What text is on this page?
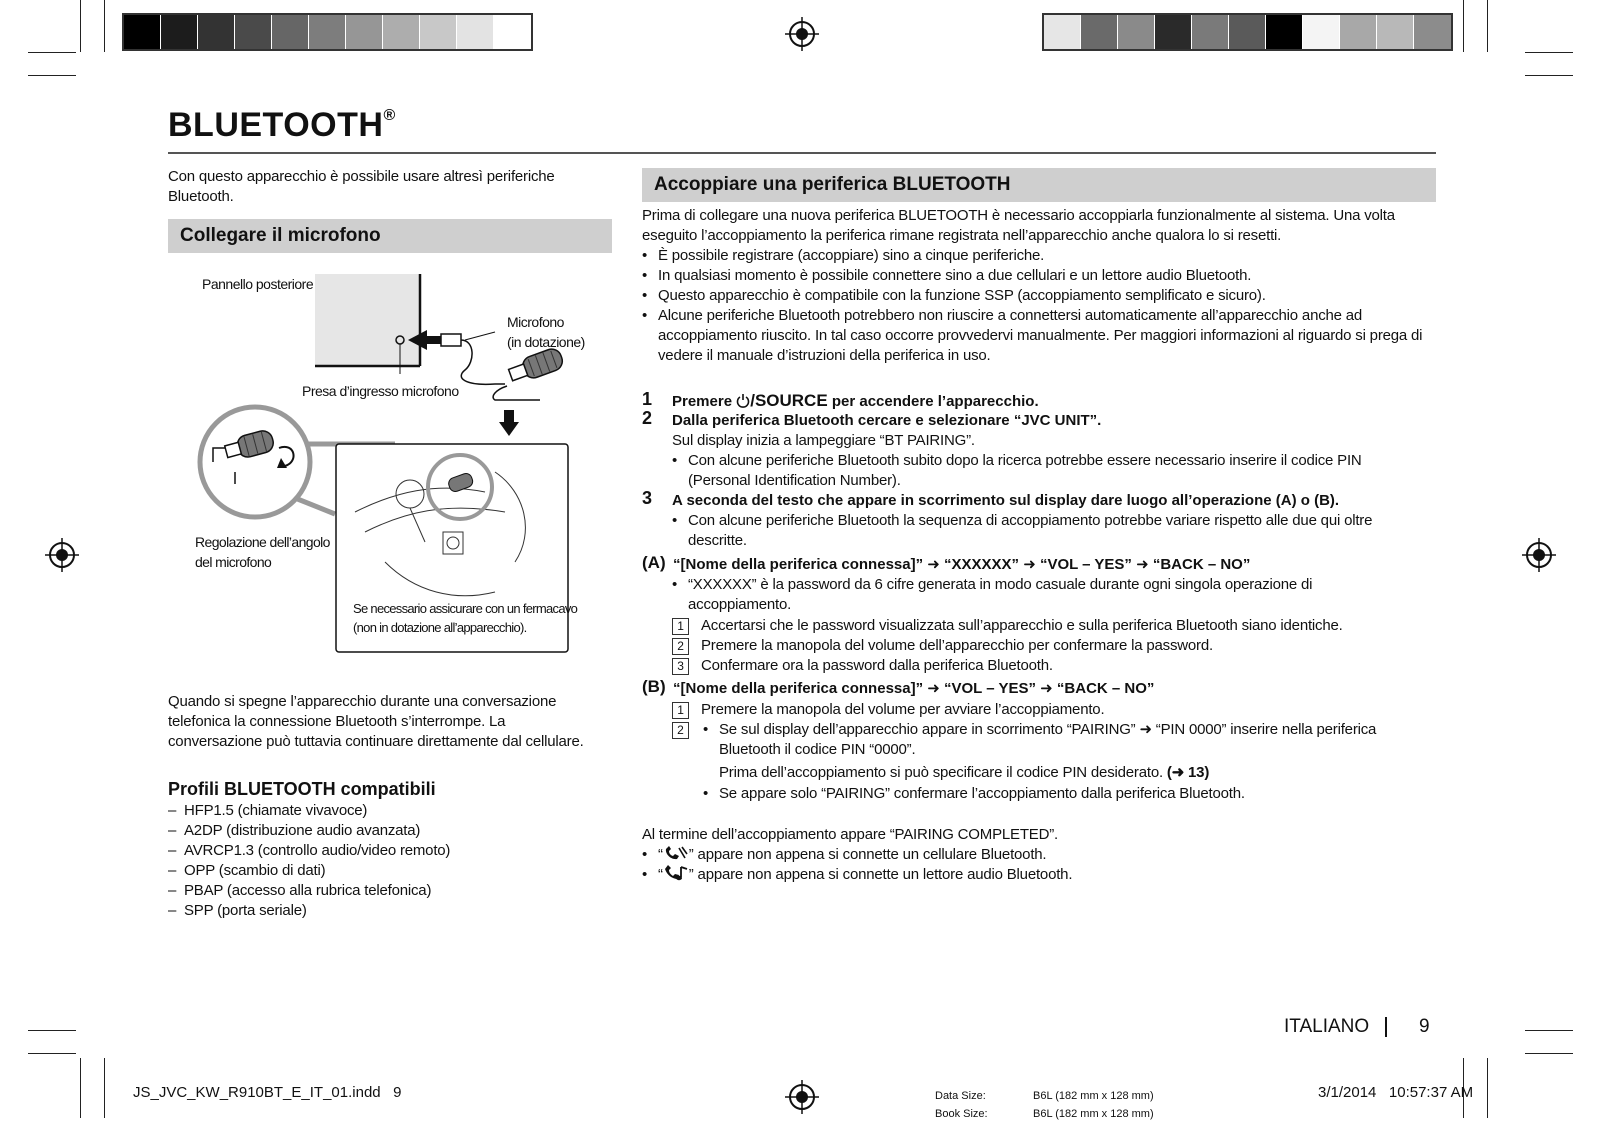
BLUETOOTH®
Con questo apparecchio è possibile usare altresì periferiche Bluetooth.
Collegare il microfono
Pannello posteriore
Microfono
(in dotazione)
Presa d’ingresso microfono
Regolazione dell’angolo
del microfono
Se necessario assicurare con un fermacavo
(non in dotazione all’apparecchio).
Quando si spegne l’apparecchio durante una conversazione telefonica la connessione Bluetooth s’interrompe. La conversazione può tuttavia continuare direttamente dal cellulare.
Profili BLUETOOTH compatibili
– HFP1.5 (chiamate vivavoce)
– A2DP (distribuzione audio avanzata)
– AVRCP1.3 (controllo audio/video remoto)
– OPP (scambio di dati)
– PBAP (accesso alla rubrica telefonica)
– SPP (porta seriale)
Accoppiare una periferica BLUETOOTH
Prima di collegare una nuova periferica BLUETOOTH è necessario accoppiarla funzionalmente al sistema. Una volta eseguito l’accoppiamento la periferica rimane registrata nell’apparecchio anche qualora lo si resetti.
• È possibile registrare (accoppiare) sino a cinque periferiche.
• In qualsiasi momento è possibile connettere sino a due cellulari e un lettore audio Bluetooth.
• Questo apparecchio è compatibile con la funzione SSP (accoppiamento semplificato e sicuro).
• Alcune periferiche Bluetooth potrebbero non riuscire a connettersi automaticamente all’apparecchio anche ad accoppiamento riuscito. In tal caso occorre provvedervi manualmente. Per maggiori informazioni al riguardo si prega di vedere il manuale d’istruzioni della periferica in uso.
1 Premere /SOURCE per accendere l’apparecchio.
2 Dalla periferica Bluetooth cercare e selezionare “JVC UNIT”.
Sul display inizia a lampeggiare “BT PAIRING”.
• Con alcune periferiche Bluetooth subito dopo la ricerca potrebbe essere necessario inserire il codice PIN (Personal Identification Number).
3 A seconda del testo che appare in scorrimento sul display dare luogo all’operazione (A) o (B).
• Con alcune periferiche Bluetooth la sequenza di accoppiamento potrebbe variare rispetto alle due qui oltre descritte.
(A) “[Nome della periferica connessa]” ➜ “XXXXXX” ➜ “VOL – YES” ➜ “BACK – NO”
• “XXXXXX” è la password da 6 cifre generata in modo casuale durante ogni singola operazione di accoppiamento.
1 Accertarsi che le password visualizzata sull’apparecchio e sulla periferica Bluetooth siano identiche.
2 Premere la manopola del volume dell’apparecchio per confermare la password.
3 Confermare ora la password dalla periferica Bluetooth.
(B) “[Nome della periferica connessa]” ➜ “VOL – YES” ➜ “BACK – NO”
1 Premere la manopola del volume per avviare l’accoppiamento.
2
•	Se sul display dell’apparecchio appare in scorrimento “PAIRING” ➜ “PIN 0000” inserire nella periferica Bluetooth il codice PIN “0000”.
Prima dell’accoppiamento si può specificare il codice PIN desiderato. (➜ 13)
• Se appare solo “PAIRING” confermare l’accoppiamento dalla periferica Bluetooth.
Al termine dell’accoppiamento appare “PAIRING COMPLETED”.
• “ ” appare non appena si connette un cellulare Bluetooth.
• “ ” appare non appena si connette un lettore audio Bluetooth.
ITALIANO	9
JS_JVC_KW_R910BT_E_IT_01.indd   9	Data Size:	B6L (182 mm x 128 mm)
Book Size:	B6L (182 mm x 128 mm)
3/1/2014   10:57:37 AM
